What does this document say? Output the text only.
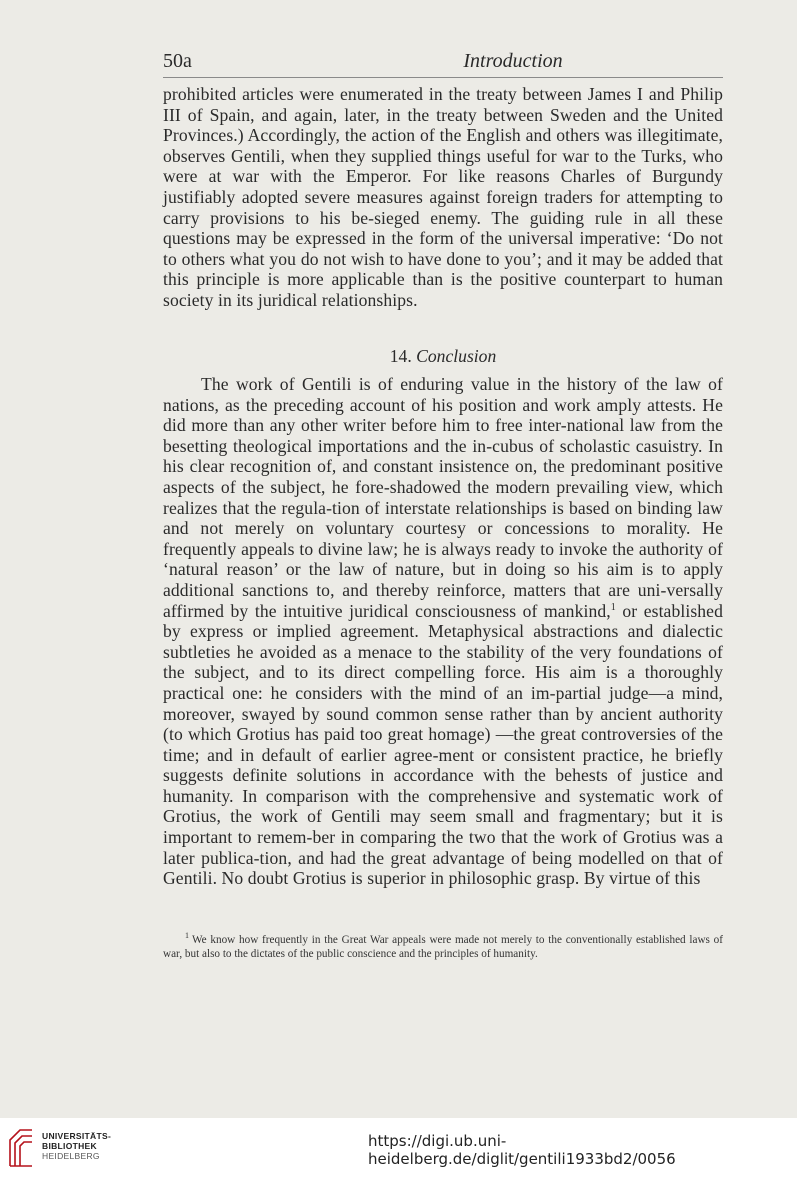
50a	Introduction

prohibited articles were enumerated in the treaty between James I and Philip III of Spain, and again, later, in the treaty between Sweden and the United Provinces.) Accordingly, the action of the English and others was illegitimate, observes Gentili, when they supplied things useful for war to the Turks, who were at war with the Emperor. For like reasons Charles of Burgundy justifiably adopted severe measures against foreign traders for attempting to carry provisions to his be-sieged enemy. The guiding rule in all these questions may be expressed in the form of the universal imperative: ‘Do not to others what you do not wish to have done to you’; and it may be added that this principle is more applicable than is the positive counterpart to human society in its juridical relationships.

14. Conclusion

The work of Gentili is of enduring value in the history of the law of nations, as the preceding account of his position and work amply attests. He did more than any other writer before him to free inter-national law from the besetting theological importations and the in-cubus of scholastic casuistry. In his clear recognition of, and constant insistence on, the predominant positive aspects of the subject, he fore-shadowed the modern prevailing view, which realizes that the regula-tion of interstate relationships is based on binding law and not merely on voluntary courtesy or concessions to morality. He frequently appeals to divine law; he is always ready to invoke the authority of ‘natural reason’ or the law of nature, but in doing so his aim is to apply additional sanctions to, and thereby reinforce, matters that are uni-versally affirmed by the intuitive juridical consciousness of mankind,$^1$ or established by express or implied agreement. Metaphysical abstractions and dialectic subtleties he avoided as a menace to the stability of the very foundations of the subject, and to its direct compelling force. His aim is a thoroughly practical one: he considers with the mind of an im-partial judge—a mind, moreover, swayed by sound common sense rather than by ancient authority (to which Grotius has paid too great homage) —the great controversies of the time; and in default of earlier agree-ment or consistent practice, he briefly suggests definite solutions in accordance with the behests of justice and humanity. In comparison with the comprehensive and systematic work of Grotius, the work of Gentili may seem small and fragmentary; but it is important to remem-ber in comparing the two that the work of Grotius was a later publica-tion, and had the great advantage of being modelled on that of Gentili. No doubt Grotius is superior in philosophic grasp. By virtue of this

$^1$ We know how frequently in the Great War appeals were made not merely to the conventionally established laws of war, but also to the dictates of the public conscience and the principles of humanity.
UNIVERSITÄTS-
BIBLIOTHEK
HEIDELBERG
https://digi.ub.uni-heidelberg.de/diglit/gentili1933bd2/0056
